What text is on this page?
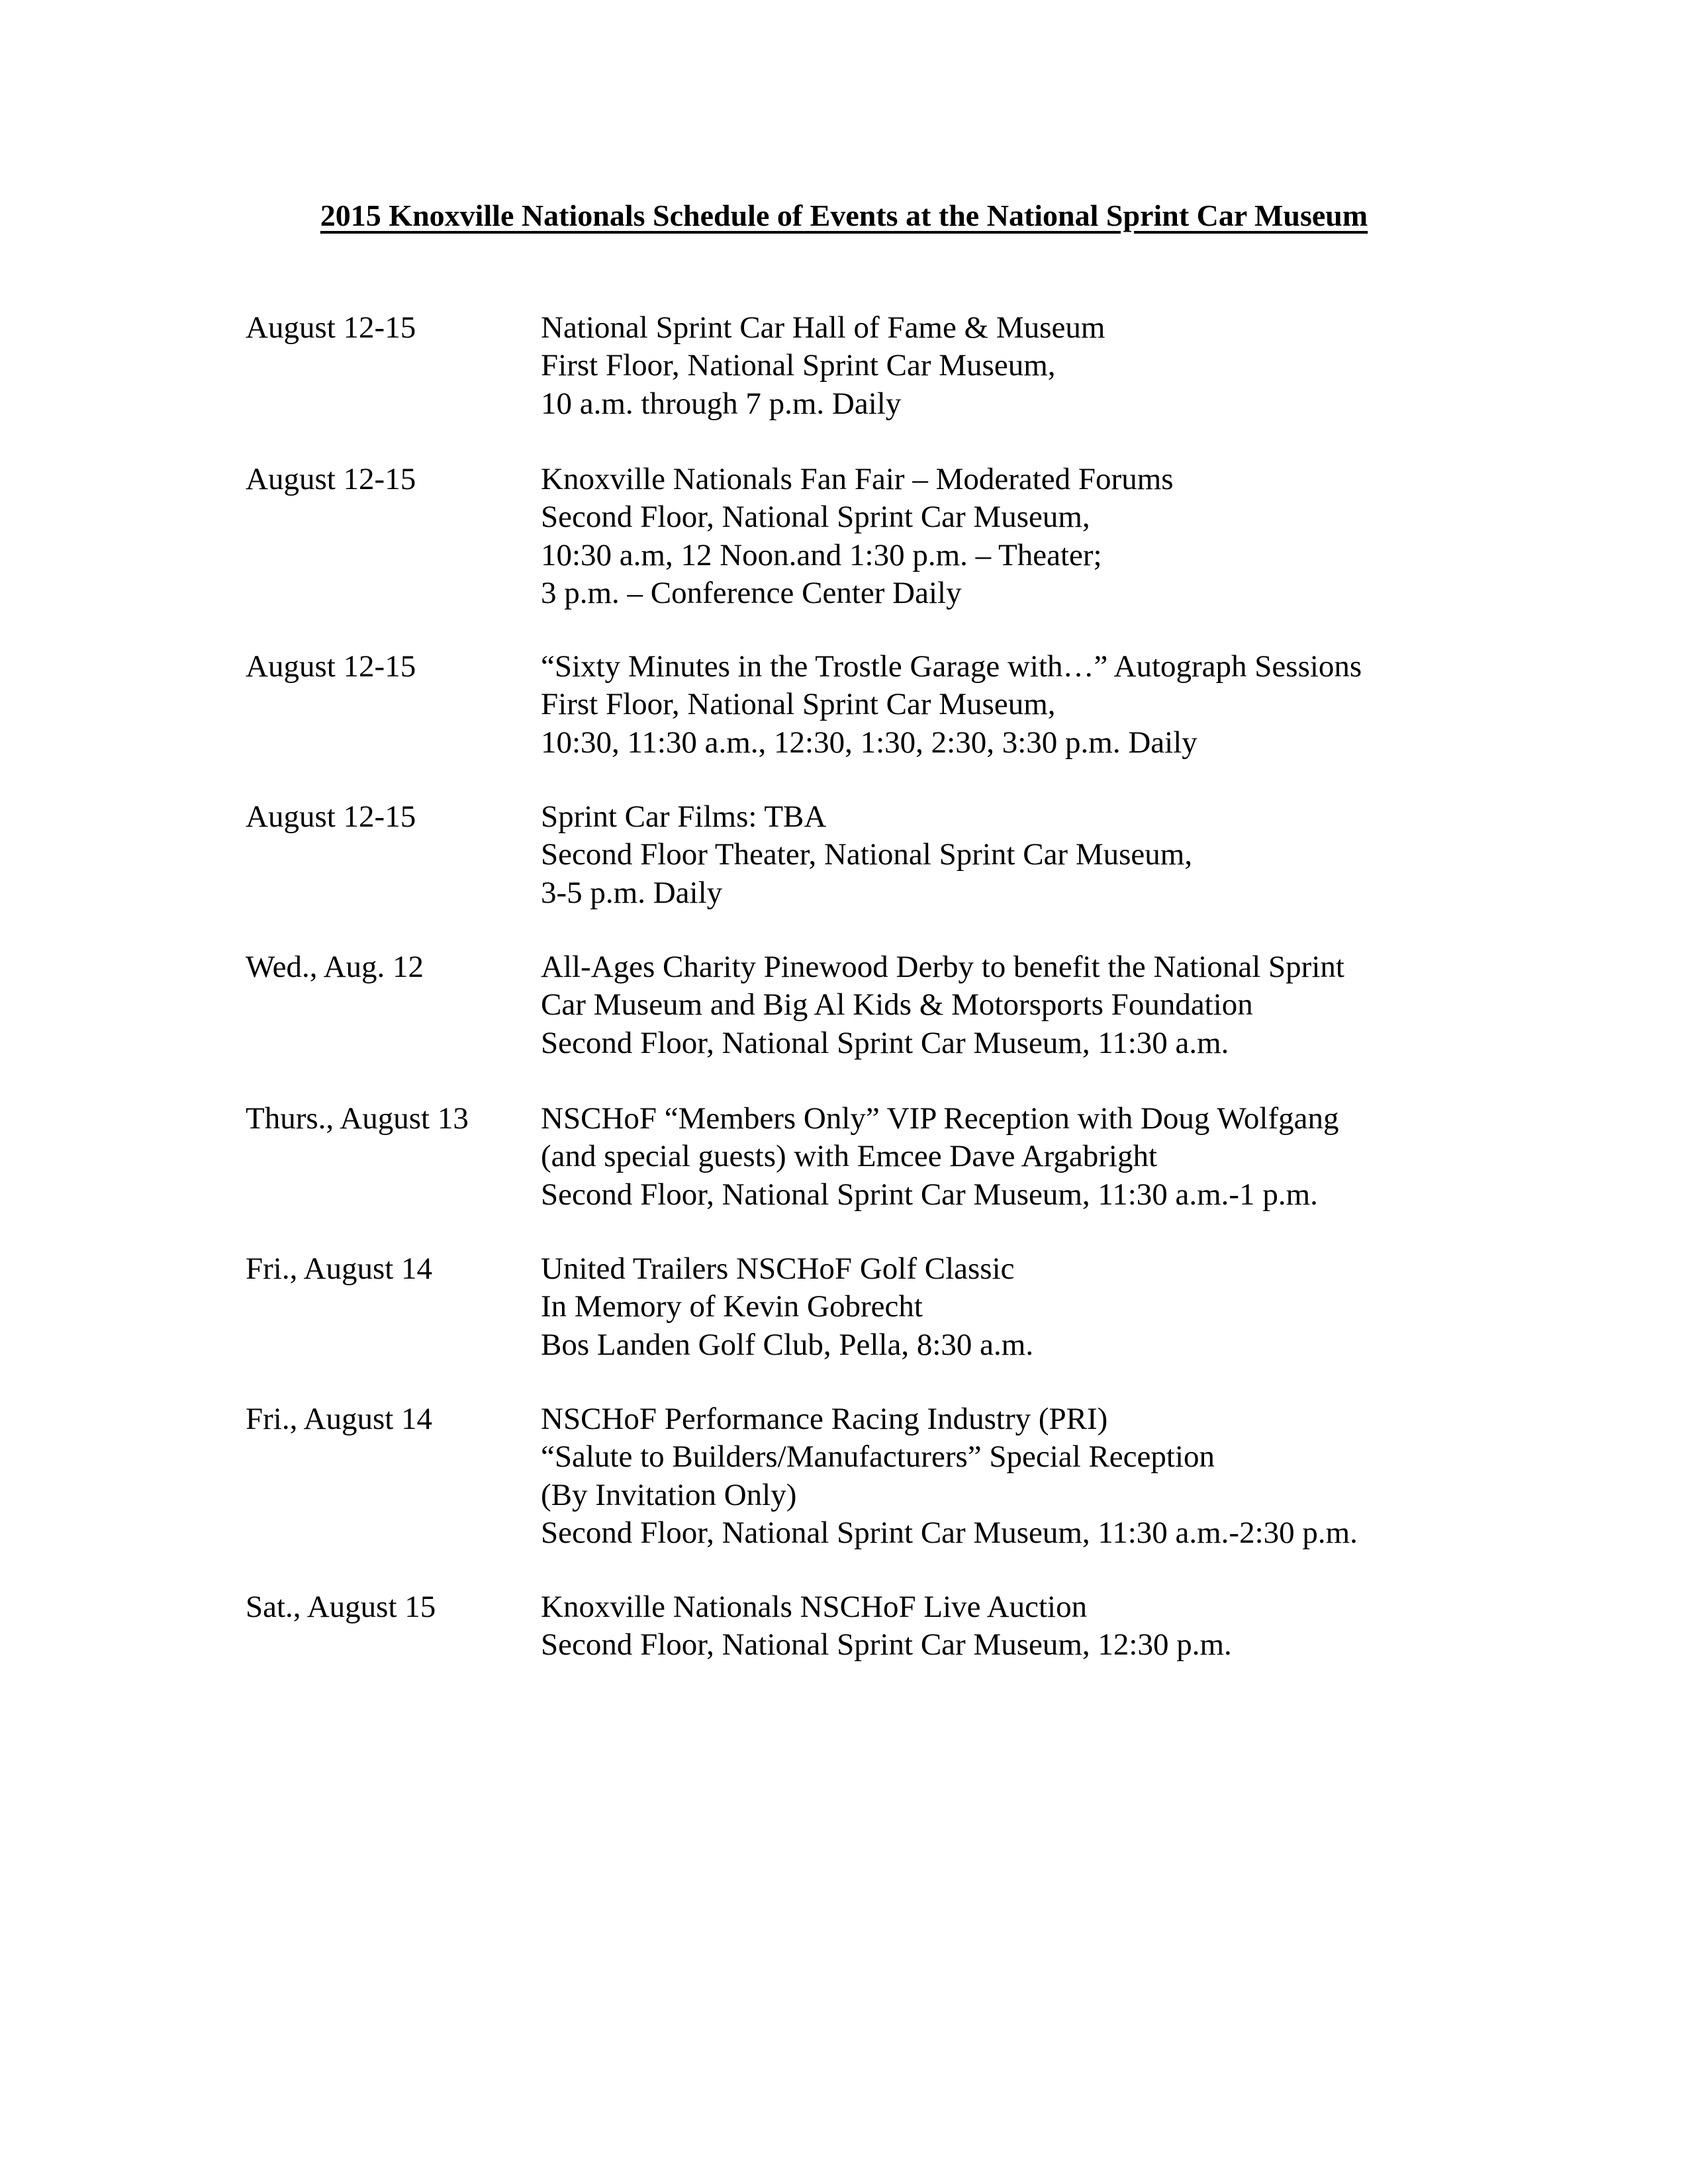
2015 Knoxville Nationals Schedule of Events at the National Sprint Car Museum
August 12-15	National Sprint Car Hall of Fame & Museum
First Floor, National Sprint Car Museum,
10 a.m. through 7 p.m. Daily
August 12-15	Knoxville Nationals Fan Fair – Moderated Forums
Second Floor, National Sprint Car Museum,
10:30 a.m, 12 Noon.and 1:30 p.m. – Theater;
3 p.m. – Conference Center Daily
August 12-15	“Sixty Minutes in the Trostle Garage with…” Autograph Sessions
First Floor, National Sprint Car Museum,
10:30, 11:30 a.m., 12:30, 1:30, 2:30, 3:30 p.m. Daily
August 12-15	Sprint Car Films: TBA
Second Floor Theater, National Sprint Car Museum,
3-5 p.m. Daily
Wed., Aug. 12	All-Ages Charity Pinewood Derby to benefit the National Sprint
Car Museum and Big Al Kids & Motorsports Foundation
Second Floor, National Sprint Car Museum, 11:30 a.m.
Thurs., August 13 NSCHoF “Members Only” VIP Reception with Doug Wolfgang
(and special guests) with Emcee Dave Argabright
Second Floor, National Sprint Car Museum, 11:30 a.m.-1 p.m.
Fri., August 14	United Trailers NSCHoF Golf Classic
In Memory of Kevin Gobrecht
Bos Landen Golf Club, Pella, 8:30 a.m.
Fri., August 14	NSCHoF Performance Racing Industry (PRI)
“Salute to Builders/Manufacturers” Special Reception
(By Invitation Only)
Second Floor, National Sprint Car Museum, 11:30 a.m.-2:30 p.m.
Sat., August 15	Knoxville Nationals NSCHoF Live Auction
Second Floor, National Sprint Car Museum, 12:30 p.m.
